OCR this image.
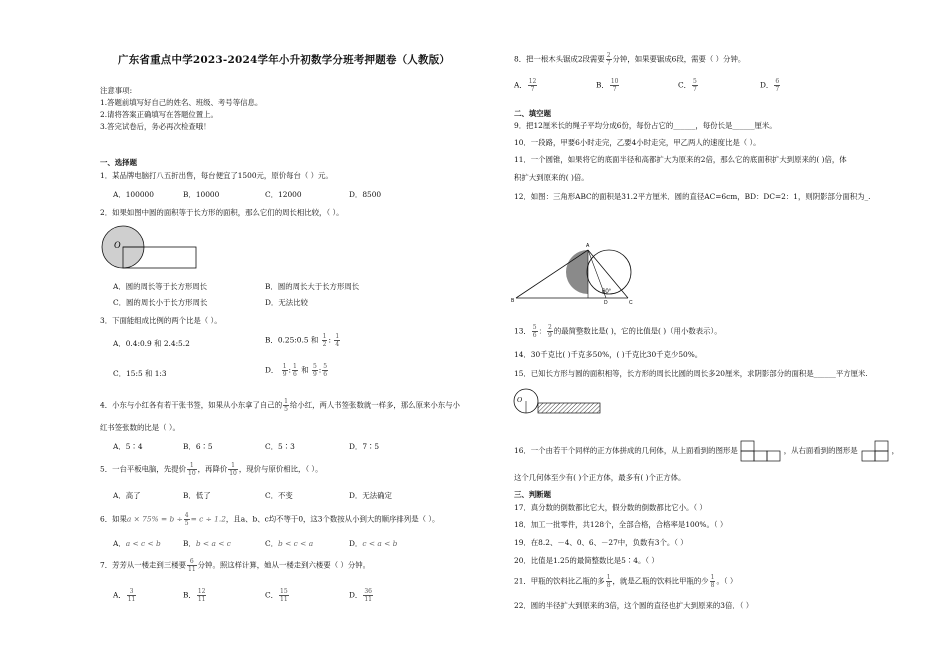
广东省重点中学2023-2024学年小升初数学分班考押题卷（人教版）
注意事项:
1.答题前填写好自己的姓名、班级、考号等信息。
2.请将答案正确填写在答题位置上。
3.答完试卷后，务必再次检查哦！
一、选择题
1．某品牌电脑打八五折出售，每台便宜了1500元，原价每台（ ）元。
A．100000	B．10000	C．12000	D．8500
2．如果如图中圆的面积等于长方形的面积，那么它们的周长相比较，（ ）。
O
A．圆的周长等于长方形周长	B．圆的周长大于长方形周长
C．圆的周长小于长方形周长	D．无法比较
3．下面能组成比例的两个比是（ ）。
A．0.4:0.9 和 2.4:5.2	B．0.25:0.5 和 $\frac{1}{2}$ : $\frac{1}{4}$
C．15:5 和 1:3	D． $\frac{1}{9}$ : $\frac{1}{6}$ 和 $\frac{5}{9}$ : $\frac{5}{6}$
4．小东与小红各有若干张书签，如果从小东拿了自己的 $\frac{1}{5}$ 给小红，两人书签张数就一样多，那么原来小东与小
红书签张数的比是（ ）。
A．5∶4	B．6∶5	C．5∶3	D．7∶5
5．一台平板电脑，先提价 $\frac{1}{10}$ ，再降价 $\frac{1}{10}$ ，现价与原价相比，（ ）。
A．高了	B．低了	C．不变	D．无法确定
6．如果$a \times 75\% = b \div \frac{4}{5} = c \div 1.2$，且a、b、c均不等于0，这3个数按从小到大的顺序排列是（ ）。
A．a < c < b	B．b < a < c	C．b < c < a	D．c < a < b
7．芳芳从一楼走到三楼要 $\frac{6}{11}$ 分钟。照这样计算，她从一楼走到六楼要（ ）分钟。
A． $\frac{3}{11}$	B． $\frac{12}{11}$	C． $\frac{15}{11}$	D． $\frac{36}{11}$
8．把一根木头锯成2段需要 $\frac{2}{7}$ 分钟，如果要锯成6段，需要（ ）分钟。
A． $\frac{12}{7}$	B． $\frac{10}{7}$	C． $\frac{5}{7}$	D． $\frac{6}{7}$
二、填空题
9．把12厘米长的绳子平均分成6份，每份占它的______，每份长是______厘米。
10．一段路，甲要6小时走完，乙要4小时走完，甲乙两人的速度比是（ ）。
11．一个圆锥，如果将它的底面半径和高都扩大为原来的2倍，那么它的底面积扩大到原来的( )倍，体
积扩大到原来的( )倍。
12．如图：三角形ABC的面积是31.2平方厘米．圆的直径AC=6cm，BD：DC=2：1，则阴影部分面积为_.
A
B	C
D
60°
13． $\frac{5}{6}$ ： $\frac{2}{9}$ 的最简整数比是( )，它的比值是( )（用小数表示）。
14．30千克比( )千克多50%，( )千克比30千克少50%。
15．已知长方形与圆的面积相等，长方形的周长比圆的周长多20厘米，求阴影部分的面积是______平方厘米.
O
16．一个由若干个同样的正方体拼成的几何体，从上面看到的图形是	，从右面看到的图形是	，
这个几何体至少有( )个正方体，最多有( )个正方体。
三、判断题
17．真分数的倒数都比它大，假分数的倒数都比它小。（ ）
18．加工一批零件，共128个，全部合格，合格率是100%。（ ）
19．在8.2、－4、0、6、－27中，负数有3个。（ ）
20．比值是1.25的最简整数比是5∶4。（ ）
21．甲瓶的饮料比乙瓶的多 $\frac{1}{8}$ ，就是乙瓶的饮料比甲瓶的少 $\frac{1}{8}$ 。（ ）
22．圆的半径扩大到原来的3倍，这个圆的直径也扩大到原来的3倍．（ ）
